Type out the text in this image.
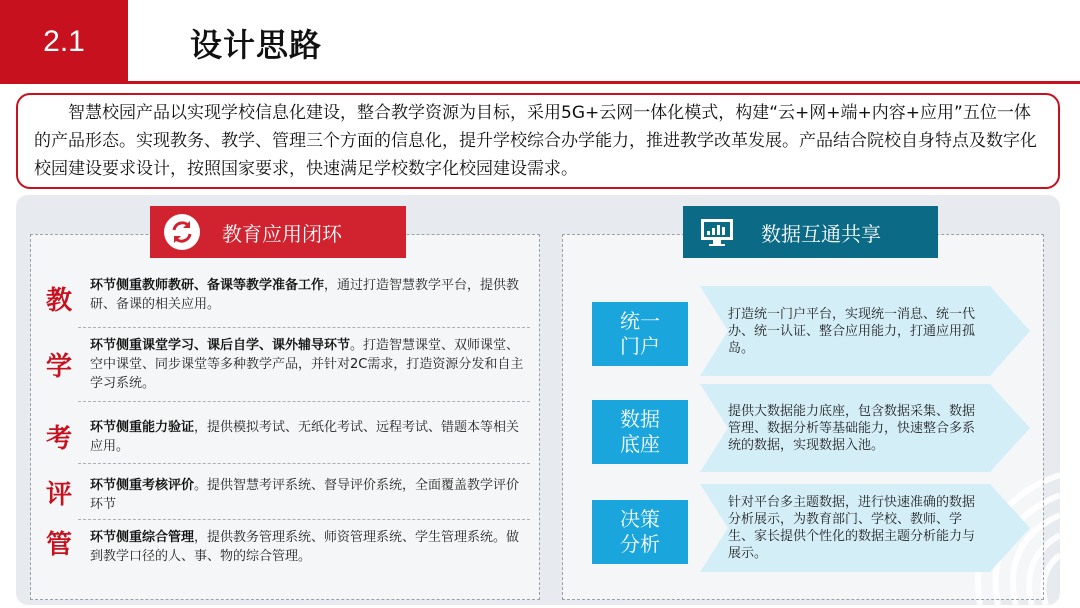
2.1	设计思路

智慧校园产品以实现学校信息化建设，整合教学资源为目标，采用5G+云网一体化模式，构建“云+网+端+内容+应用”五位一体的产品形态。实现教务、教学、管理三个方面的信息化，提升学校综合办学能力，推进教学改革发展。产品结合院校自身特点及数字化校园建设要求设计，按照国家要求，快速满足学校数字化校园建设需求。

教育应用闭环	数据互通共享
教
学
考
评
管
环节侧重教师教研、备课等教学准备工作，通过打造智慧教学平台，提供教研、备课的相关应用。
环节侧重课堂学习、课后自学、课外辅导环节。打造智慧课堂、双师课堂、空中课堂、同步课堂等多种教学产品，并针对2C需求，打造资源分发和自主学习系统。
环节侧重能力验证，提供模拟考试、无纸化考试、远程考试、错题本等相关应用。
环节侧重考核评价。提供智慧考评系统、督导评价系统，全面覆盖教学评价环节
环节侧重综合管理，提供教务管理系统、师资管理系统、学生管理系统。做到教学口径的人、事、物的综合管理。
统一
门户
数据
底座
决策
分析
打造统一门户平台，实现统一消息、统一代办、统一认证、整合应用能力，打通应用孤岛。
提供大数据能力底座，包含数据采集、数据管理、数据分析等基础能力，快速整合多系统的数据，实现数据入池。
针对平台多主题数据，进行快速准确的数据分析展示，为教育部门、学校、教师、学生、家长提供个性化的数据主题分析能力与展示。
